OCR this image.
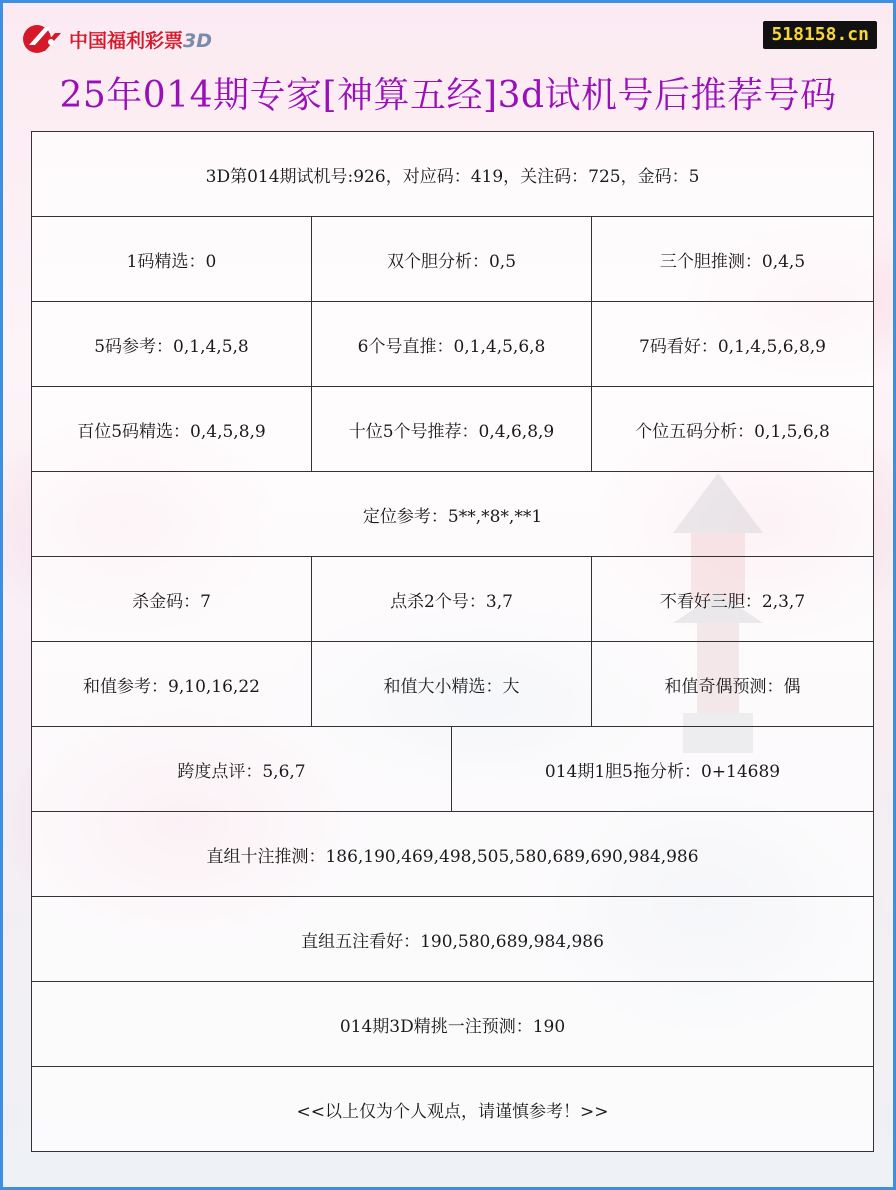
中国福利彩票3D	518158.cn
25年014期专家[神算五经]3d试机号后推荐号码
3D第014期试机号:926，对应码：419，关注码：725，金码：5			
1码精选：0	双个胆分析：0,5		三个胆推测：0,4,5
5码参考：0,1,4,5,8	6个号直推：0,1,4,5,6,8		7码看好：0,1,4,5,6,8,9
百位5码精选：0,4,5,8,9	十位5个号推荐：0,4,6,8,9		个位五码分析：0,1,5,6,8
定位参考：5**,*8*,**1			
杀金码：7	点杀2个号：3,7		不看好三胆：2,3,7
和值参考：9,10,16,22	和值大小精选：大		和值奇偶预测：偶
跨度点评：5,6,7		014期1胆5拖分析：0+14689	
直组十注推测：186,190,469,498,505,580,689,690,984,986			
直组五注看好：190,580,689,984,986			
014期3D精挑一注预测：190			
<<以上仅为个人观点，请谨慎参考！>>			
